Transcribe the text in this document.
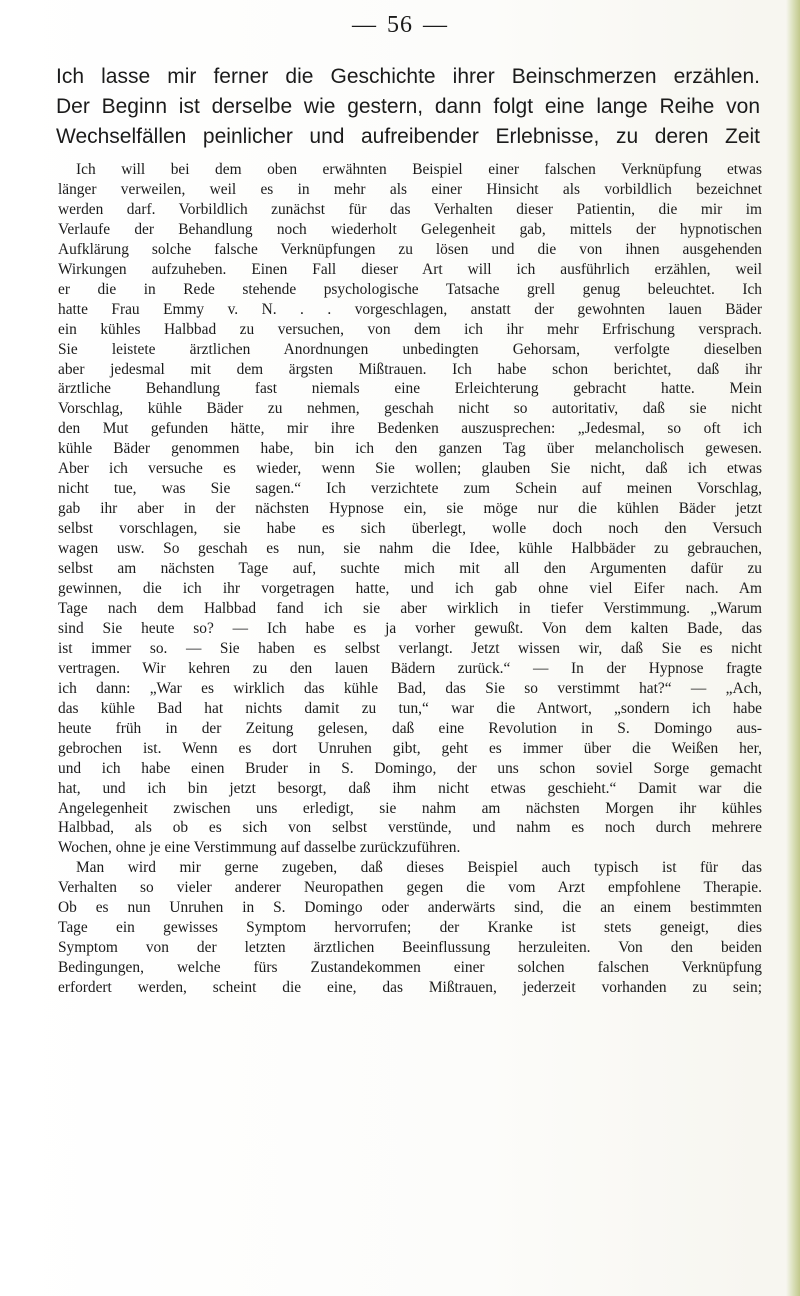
— 56 —
Ich lasse mir ferner die Geschichte ihrer Beinschmerzen erzählen.
Der Beginn ist derselbe wie gestern, dann folgt eine lange Reihe von
Wechselfällen peinlicher und aufreibender Erlebnisse, zu deren Zeit
Ich will bei dem oben erwähnten Beispiel einer falschen Verknüpfung etwas
länger verweilen, weil es in mehr als einer Hinsicht als vorbildlich bezeichnet
werden darf. Vorbildlich zunächst für das Verhalten dieser Patientin, die mir im
Verlaufe der Behandlung noch wiederholt Gelegenheit gab, mittels der hypnotischen
Aufklärung solche falsche Verknüpfungen zu lösen und die von ihnen ausgehenden
Wirkungen aufzuheben. Einen Fall dieser Art will ich ausführlich erzählen, weil
er die in Rede stehende psychologische Tatsache grell genug beleuchtet. Ich
hatte Frau Emmy v. N. . . vorgeschlagen, anstatt der gewohnten lauen Bäder
ein kühles Halbbad zu versuchen, von dem ich ihr mehr Erfrischung versprach.
Sie leistete ärztlichen Anordnungen unbedingten Gehorsam, verfolgte dieselben
aber jedesmal mit dem ärgsten Mißtrauen. Ich habe schon berichtet, daß ihr
ärztliche Behandlung fast niemals eine Erleichterung gebracht hatte. Mein
Vorschlag, kühle Bäder zu nehmen, geschah nicht so autoritativ, daß sie nicht
den Mut gefunden hätte, mir ihre Bedenken auszusprechen: „Jedesmal, so oft ich
kühle Bäder genommen habe, bin ich den ganzen Tag über melancholisch gewesen.
Aber ich versuche es wieder, wenn Sie wollen; glauben Sie nicht, daß ich etwas
nicht tue, was Sie sagen.“ Ich verzichtete zum Schein auf meinen Vorschlag,
gab ihr aber in der nächsten Hypnose ein, sie möge nur die kühlen Bäder jetzt
selbst vorschlagen, sie habe es sich überlegt, wolle doch noch den Versuch
wagen usw. So geschah es nun, sie nahm die Idee, kühle Halbbäder zu gebrauchen,
selbst am nächsten Tage auf, suchte mich mit all den Argumenten dafür zu
gewinnen, die ich ihr vorgetragen hatte, und ich gab ohne viel Eifer nach. Am
Tage nach dem Halbbad fand ich sie aber wirklich in tiefer Verstimmung. „Warum
sind Sie heute so? — Ich habe es ja vorher gewußt. Von dem kalten Bade, das
ist immer so. — Sie haben es selbst verlangt. Jetzt wissen wir, daß Sie es nicht
vertragen. Wir kehren zu den lauen Bädern zurück.“ — In der Hypnose fragte
ich dann: „War es wirklich das kühle Bad, das Sie so verstimmt hat?“ — „Ach,
das kühle Bad hat nichts damit zu tun,“ war die Antwort, „sondern ich habe
heute früh in der Zeitung gelesen, daß eine Revolution in S. Domingo aus-
gebrochen ist. Wenn es dort Unruhen gibt, geht es immer über die Weißen her,
und ich habe einen Bruder in S. Domingo, der uns schon soviel Sorge gemacht
hat, und ich bin jetzt besorgt, daß ihm nicht etwas geschieht.“ Damit war die
Angelegenheit zwischen uns erledigt, sie nahm am nächsten Morgen ihr kühles
Halbbad, als ob es sich von selbst verstünde, und nahm es noch durch mehrere
Wochen, ohne je eine Verstimmung auf dasselbe zurückzuführen.
Man wird mir gerne zugeben, daß dieses Beispiel auch typisch ist für das
Verhalten so vieler anderer Neuropathen gegen die vom Arzt empfohlene Therapie.
Ob es nun Unruhen in S. Domingo oder anderwärts sind, die an einem bestimmten
Tage ein gewisses Symptom hervorrufen; der Kranke ist stets geneigt, dies
Symptom von der letzten ärztlichen Beeinflussung herzuleiten. Von den beiden
Bedingungen, welche fürs Zustandekommen einer solchen falschen Verknüpfung
erfordert werden, scheint die eine, das Mißtrauen, jederzeit vorhanden zu sein;
